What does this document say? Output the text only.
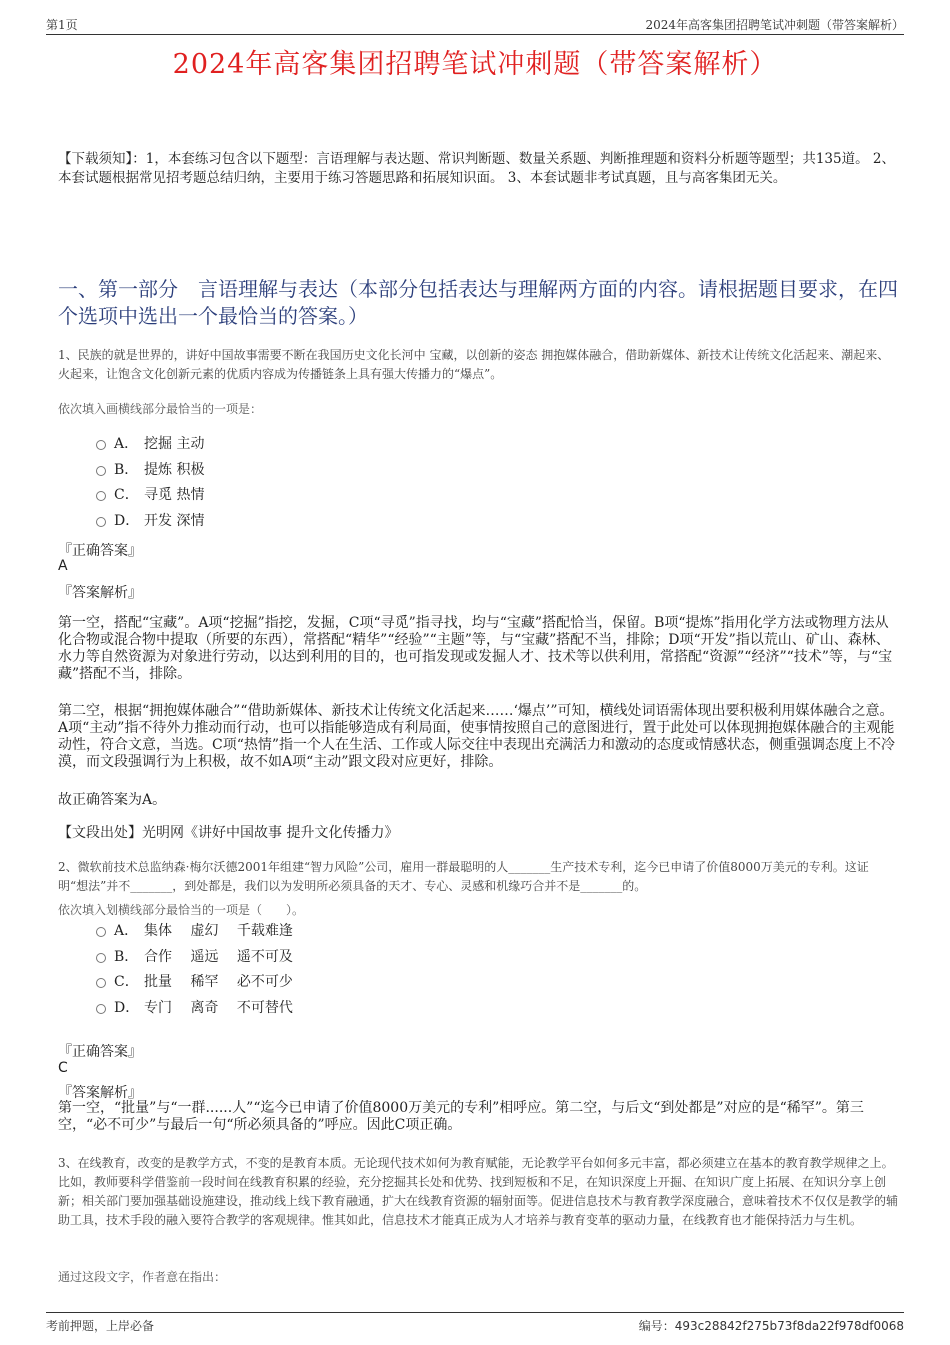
第1页	2024年高客集团招聘笔试冲刺题（带答案解析）
2024年高客集团招聘笔试冲刺题（带答案解析）
【下载须知】：1，本套练习包含以下题型：言语理解与表达题、常识判断题、数量关系题、判断推理题和资料分析题等题型；共135道。 2、本套试题根据常见招考题总结归纳，主要用于练习答题思路和拓展知识面。 3、本套试题非考试真题，且与高客集团无关。
一、第一部分　言语理解与表达（本部分包括表达与理解两方面的内容。请根据题目要求，在四个选项中选出一个最恰当的答案。）
1、民族的就是世界的，讲好中国故事需要不断在我国历史文化长河中 宝藏，以创新的姿态 拥抱媒体融合，借助新媒体、新技术让传统文化活起来、潮起来、火起来，让饱含文化创新元素的优质内容成为传播链条上具有强大传播力的“爆点”。
依次填入画横线部分最恰当的一项是：
A． 挖掘 主动
B． 提炼 积极
C． 寻觅 热情
D． 开发 深情
『正确答案』
A
『答案解析』
第一空，搭配“宝藏”。A项“挖掘”指挖，发掘，C项“寻觅”指寻找，均与“宝藏”搭配恰当，保留。B项“提炼”指用化学方法或物理方法从化合物或混合物中提取（所要的东西），常搭配“精华”“经验”“主题”等，与“宝藏”搭配不当，排除；D项“开发”指以荒山、矿山、森林、水力等自然资源为对象进行劳动，以达到利用的目的，也可指发现或发掘人才、技术等以供利用，常搭配“资源”“经济”“技术”等，与“宝藏”搭配不当，排除。
第二空，根据“拥抱媒体融合”“借助新媒体、新技术让传统文化活起来……‘爆点’”可知，横线处词语需体现出要积极利用媒体融合之意。A项“主动”指不待外力推动而行动，也可以指能够造成有利局面，使事情按照自己的意图进行，置于此处可以体现拥抱媒体融合的主观能动性，符合文意，当选。C项“热情”指一个人在生活、工作或人际交往中表现出充满活力和激动的态度或情感状态，侧重强调态度上不冷漠，而文段强调行为上积极，故不如A项“主动”跟文段对应更好，排除。
故正确答案为A。
【文段出处】光明网《讲好中国故事 提升文化传播力》
2、微软前技术总监纳森·梅尔沃德2001年组建“智力风险”公司，雇用一群最聪明的人_______生产技术专利，迄今已申请了价值8000万美元的专利。这证明“想法”并不_______，到处都是，我们以为发明所必须具备的天才、专心、灵感和机缘巧合并不是_______的。
依次填入划横线部分最恰当的一项是（　　）。
A． 集体　 虚幻　 千载难逢
B． 合作　 遥远　 遥不可及
C． 批量　 稀罕　 必不可少
D． 专门　 离奇　 不可替代
『正确答案』
C
『答案解析』
第一空，“批量”与“一群......人”“迄今已申请了价值8000万美元的专利”相呼应。第二空，与后文“到处都是”对应的是“稀罕”。第三空，“必不可少”与最后一句“所必须具备的”呼应。因此C项正确。
3、在线教育，改变的是教学方式，不变的是教育本质。无论现代技术如何为教育赋能，无论教学平台如何多元丰富，都必须建立在基本的教育教学规律之上。比如，教师要科学借鉴前一段时间在线教育积累的经验，充分挖掘其长处和优势、找到短板和不足，在知识深度上开掘、在知识广度上拓展、在知识分享上创新；相关部门要加强基础设施建设，推动线上线下教育融通，扩大在线教育资源的辐射面等。促进信息技术与教育教学深度融合，意味着技术不仅仅是教学的辅助工具，技术手段的融入要符合教学的客观规律。惟其如此，信息技术才能真正成为人才培养与教育变革的驱动力量，在线教育也才能保持活力与生机。
通过这段文字，作者意在指出：
考前押题，上岸必备	编号：493c28842f275b73f8da22f978df0068
